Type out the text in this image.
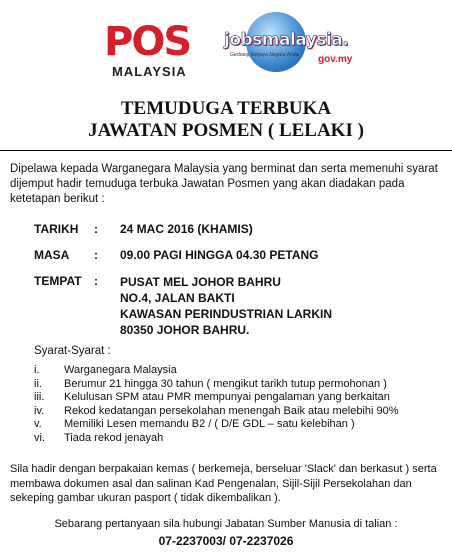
POS
MALAYSIA
jobsmalaysia.
Gerbang Kerjaya Negara Anda gov.my
TEMUDUGA TERBUKA
JAWATAN POSMEN ( LELAKI )
Dipelawa kepada Warganegara Malaysia yang berminat dan serta memenuhi syarat dijemput hadir temuduga terbuka Jawatan Posmen yang akan diadakan pada ketetapan berikut :
TARIKH : 24 MAC 2016 (KHAMIS)
MASA : 09.00 PAGI HINGGA 04.30 PETANG
TEMPAT : PUSAT MEL JOHOR BAHRU
NO.4, JALAN BAKTI
KAWASAN PERINDUSTRIAN LARKIN
80350 JOHOR BAHRU.
Syarat-Syarat :
i. Warganegara Malaysia
ii. Berumur 21 hingga 30 tahun ( mengikut tarikh tutup permohonan )
iii. Kelulusan SPM atau PMR mempunyai pengalaman yang berkaitan
iv. Rekod kedatangan persekolahan menengah Baik atau melebihi 90%
v. Memiliki Lesen memandu B2 / ( D/E GDL – satu kelebihan )
vi. Tiada rekod jenayah
Sila hadir dengan berpakaian kemas ( berkemeja, berseluar 'Slack' dan berkasut ) serta membawa dokumen asal dan salinan Kad Pengenalan, Sijil-Sijil Persekolahan dan sekeping gambar ukuran pasport ( tidak dikembalikan ).
Sebarang pertanyaan sila hubungi Jabatan Sumber Manusia di talian :
07-2237003/ 07-2237026
